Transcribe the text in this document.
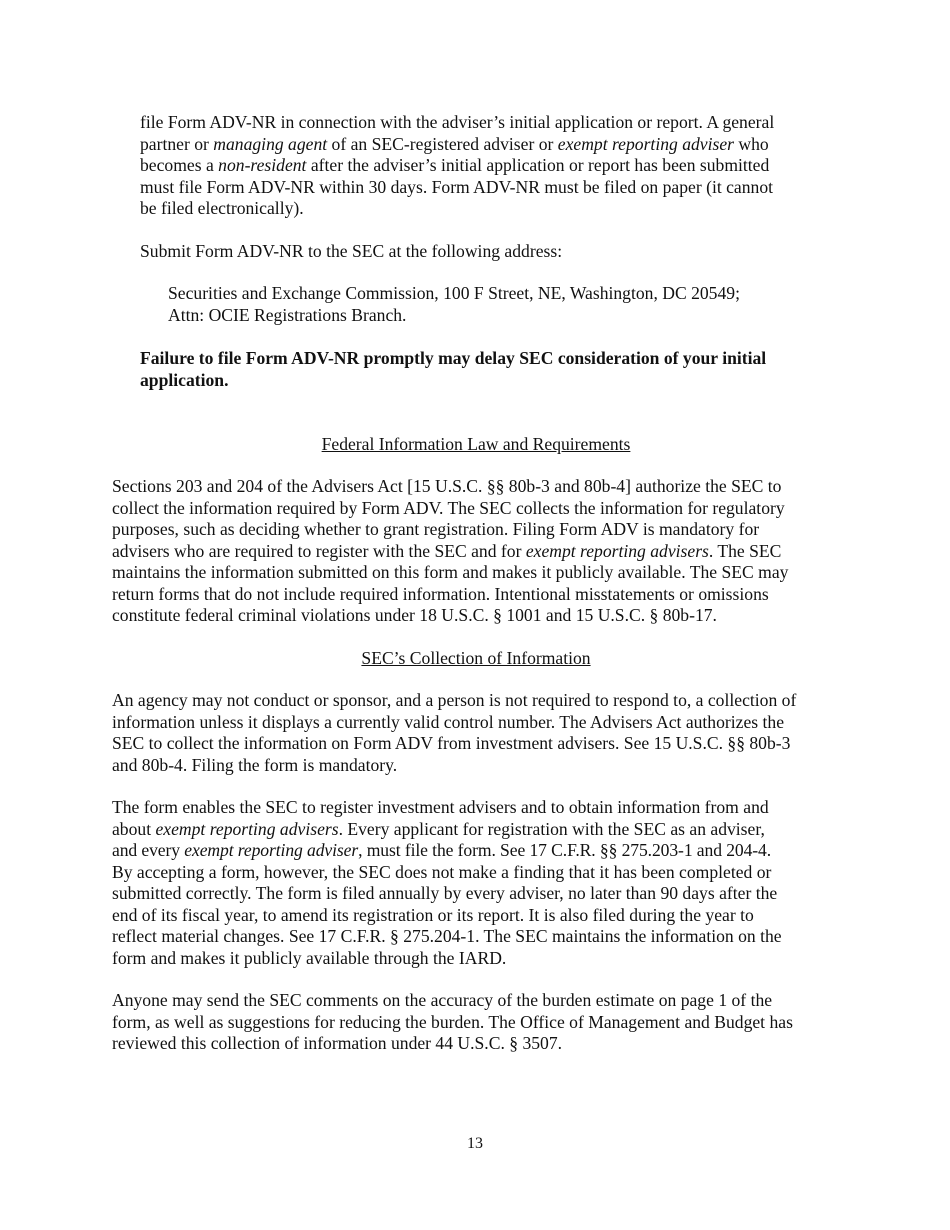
file Form ADV-NR in connection with the adviser’s initial application or report. A general

partner or managing agent of an SEC-registered adviser or exempt reporting adviser who

becomes a non-resident after the adviser’s initial application or report has been submitted

must file Form ADV-NR within 30 days. Form ADV-NR must be filed on paper (it cannot

be filed electronically).

Submit Form ADV-NR to the SEC at the following address:

Securities and Exchange Commission, 100 F Street, NE, Washington, DC 20549;

Attn: OCIE Registrations Branch.

Failure to file Form ADV-NR promptly may delay SEC consideration of your initial

application.

Federal Information Law and Requirements

Sections 203 and 204 of the Advisers Act [15 U.S.C. §§ 80b-3 and 80b-4] authorize the SEC to

collect the information required by Form ADV. The SEC collects the information for regulatory

purposes, such as deciding whether to grant registration. Filing Form ADV is mandatory for

advisers who are required to register with the SEC and for exempt reporting advisers. The SEC

maintains the information submitted on this form and makes it publicly available. The SEC may

return forms that do not include required information. Intentional misstatements or omissions

constitute federal criminal violations under 18 U.S.C. § 1001 and 15 U.S.C. § 80b-17.

SEC’s Collection of Information

An agency may not conduct or sponsor, and a person is not required to respond to, a collection of

information unless it displays a currently valid control number. The Advisers Act authorizes the

SEC to collect the information on Form ADV from investment advisers. See 15 U.S.C. §§ 80b-3

and 80b-4. Filing the form is mandatory.

The form enables the SEC to register investment advisers and to obtain information from and

about exempt reporting advisers. Every applicant for registration with the SEC as an adviser,

and every exempt reporting adviser, must file the form. See 17 C.F.R. §§ 275.203-1 and 204-4.

By accepting a form, however, the SEC does not make a finding that it has been completed or

submitted correctly. The form is filed annually by every adviser, no later than 90 days after the

end of its fiscal year, to amend its registration or its report. It is also filed during the year to

reflect material changes. See 17 C.F.R. § 275.204-1. The SEC maintains the information on the

form and makes it publicly available through the IARD.

Anyone may send the SEC comments on the accuracy of the burden estimate on page 1 of the

form, as well as suggestions for reducing the burden. The Office of Management and Budget has

reviewed this collection of information under 44 U.S.C. § 3507.

13
